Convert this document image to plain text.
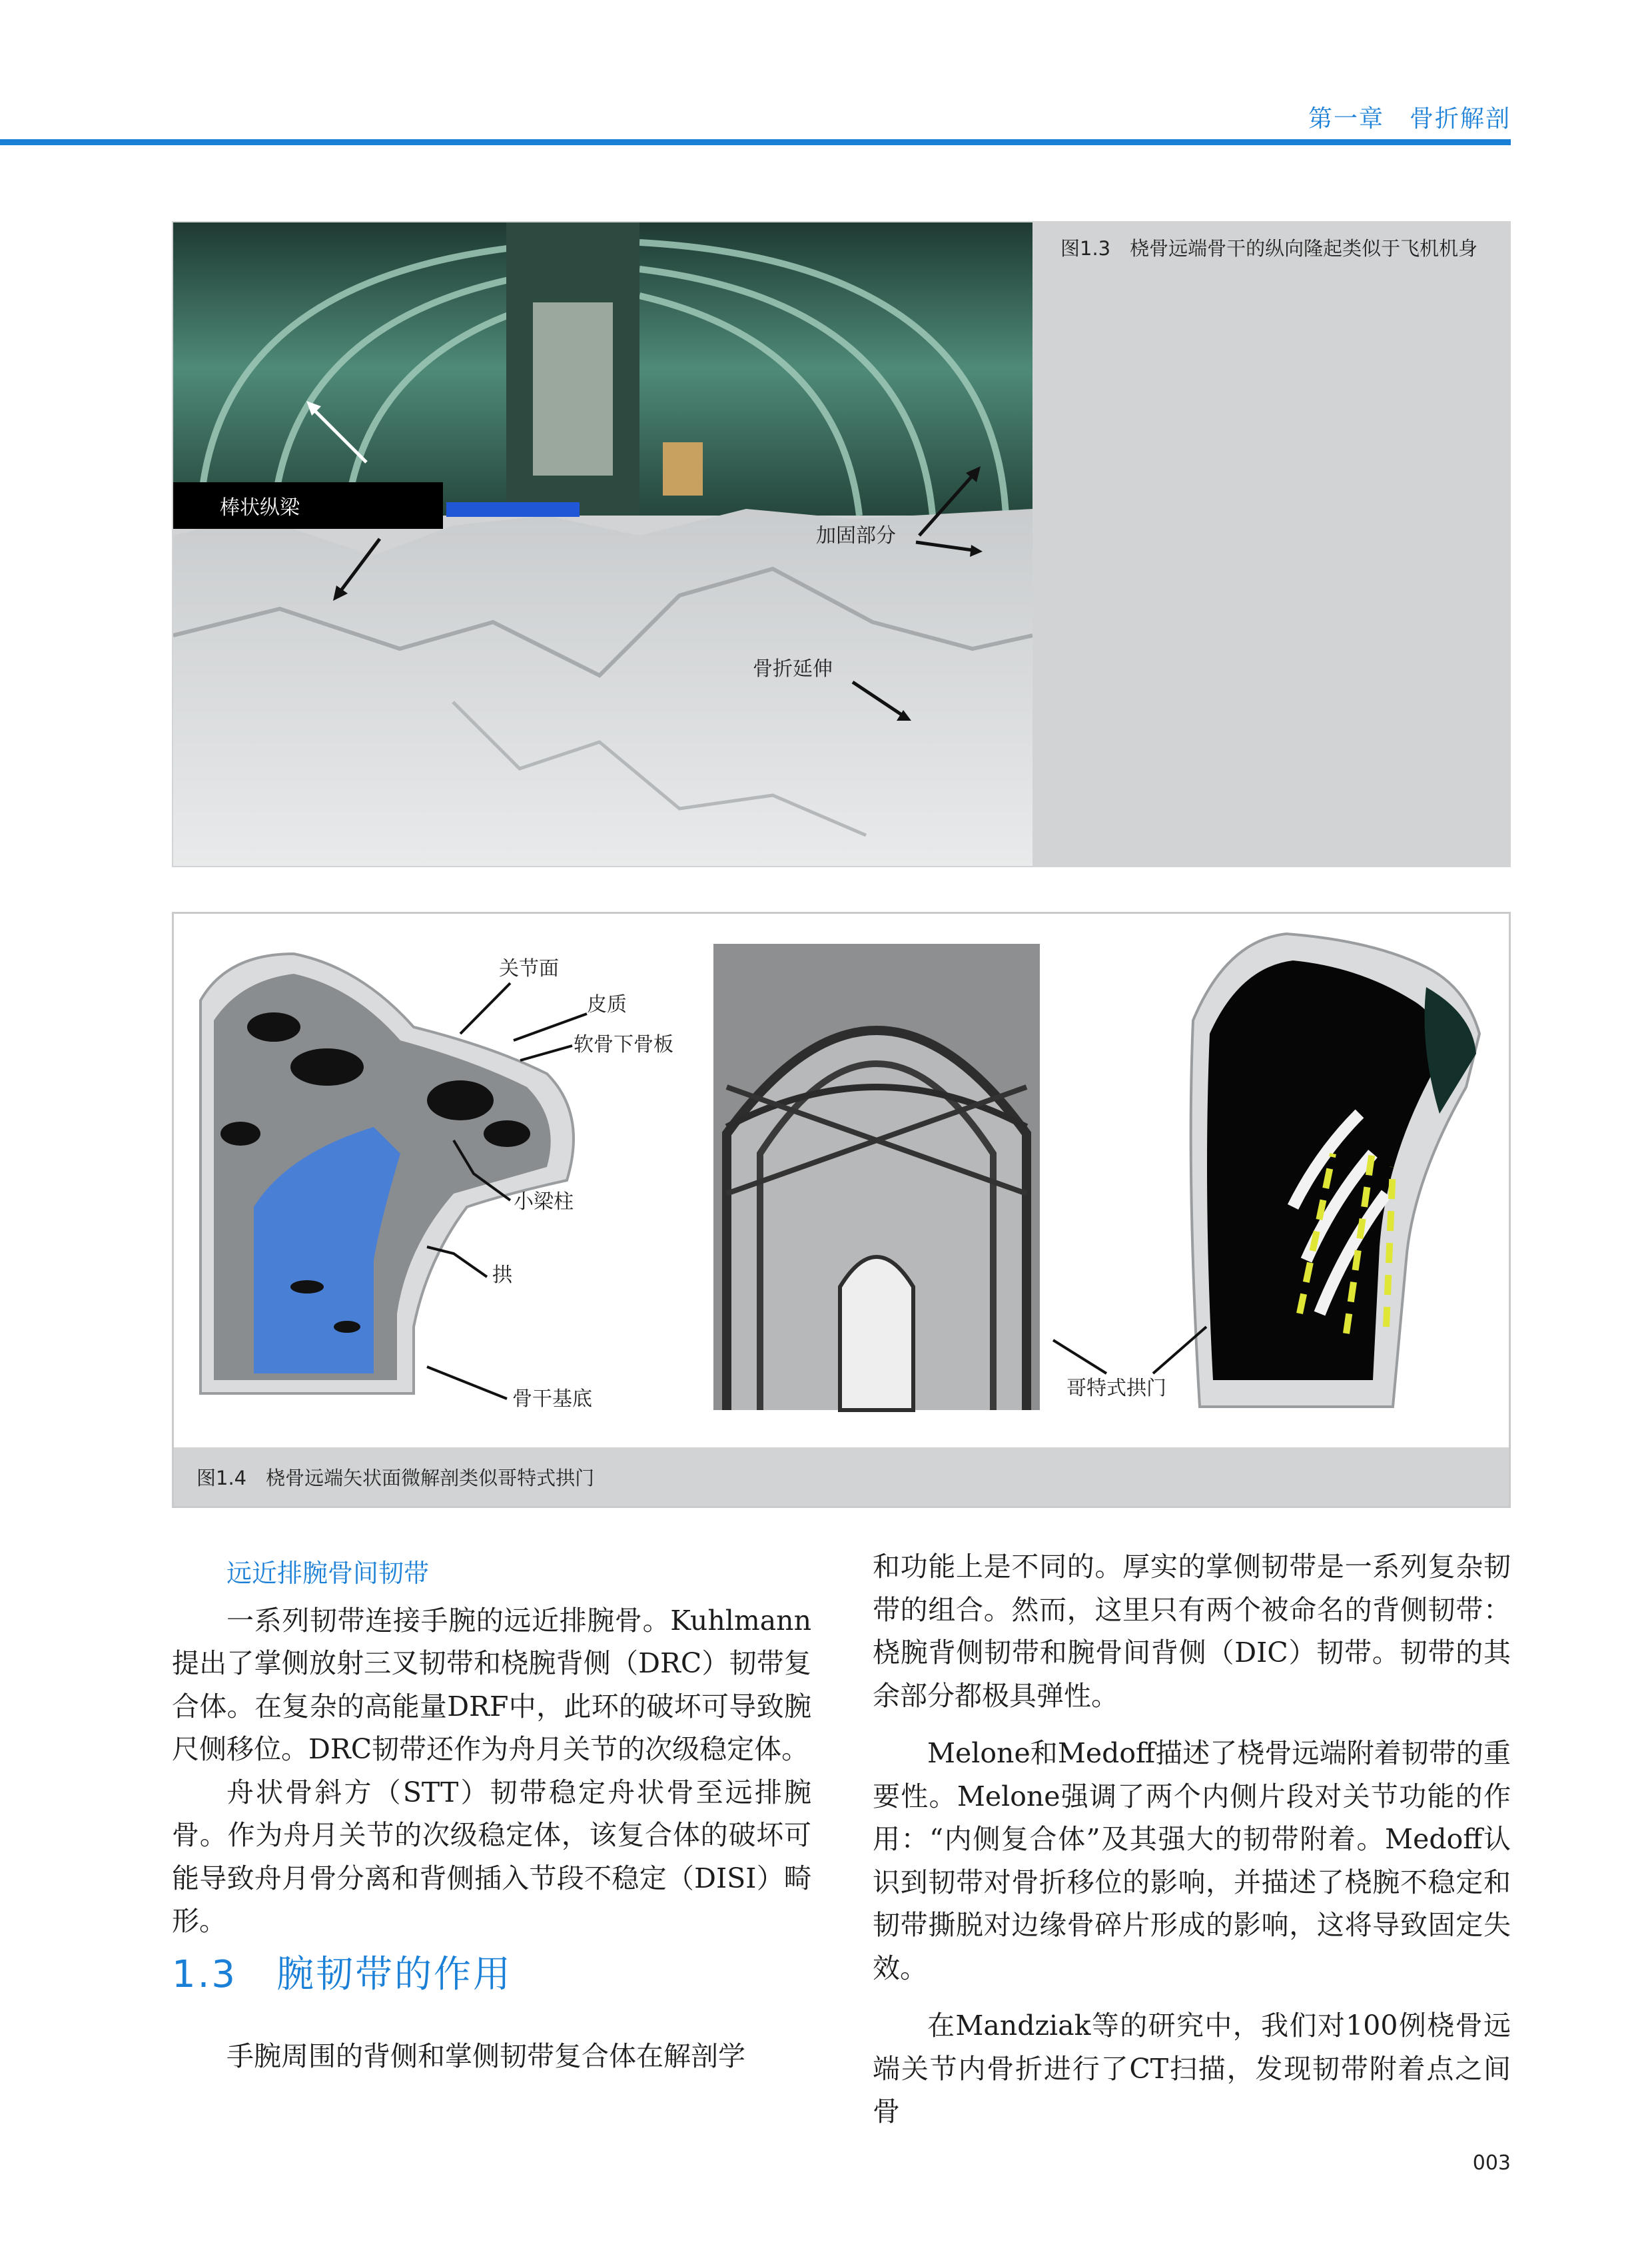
第一章　骨折解剖
棒状纵梁
加固部分
骨折延伸
图1.3　桡骨远端骨干的纵向隆起类似于飞机机身
关节面
皮质
软骨下骨板
小梁柱
拱
骨干基底	哥特式拱门
图1.4　桡骨远端矢状面微解剖类似哥特式拱门

远近排腕骨间韧带

一系列韧带连接手腕的远近排腕骨。Kuhlmann提出了掌侧放射三叉韧带和桡腕背侧（DRC）韧带复合体。在复杂的高能量DRF中，此环的破坏可导致腕尺侧移位。DRC韧带还作为舟月关节的次级稳定体。

舟状骨斜方（STT）韧带稳定舟状骨至远排腕骨。作为舟月关节的次级稳定体，该复合体的破坏可能导致舟月骨分离和背侧插入节段不稳定（DISI）畸形。

1.3　腕韧带的作用

手腕周围的背侧和掌侧韧带复合体在解剖学

和功能上是不同的。厚实的掌侧韧带是一系列复杂韧带的组合。然而，这里只有两个被命名的背侧韧带：桡腕背侧韧带和腕骨间背侧（DIC）韧带。韧带的其余部分都极具弹性。

Melone和Medoff描述了桡骨远端附着韧带的重要性。Melone强调了两个内侧片段对关节功能的作用：“内侧复合体”及其强大的韧带附着。Medoff认识到韧带对骨折移位的影响，并描述了桡腕不稳定和韧带撕脱对边缘骨碎片形成的影响，这将导致固定失效。

在Mandziak等的研究中，我们对100例桡骨远端关节内骨折进行了CT扫描，发现韧带附着点之间骨

003
